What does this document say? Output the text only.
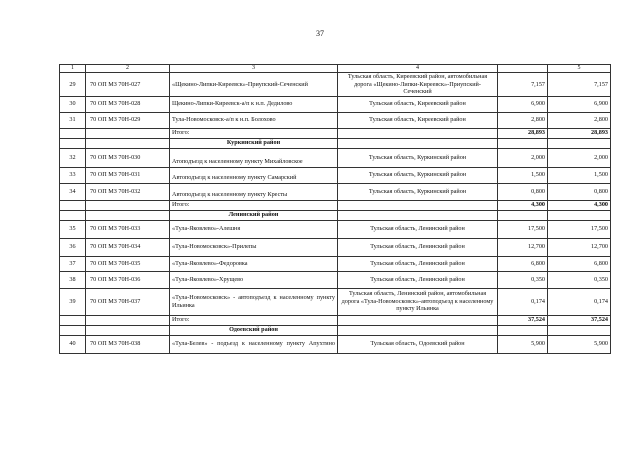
37
1	2	3	4		5
29	70 ОП МЗ 70Н-027	«Щекино-Липки-Киреевск»-Приупский-Сеченский	Тульская область, Киреевский район, автомобильная дорога «Щекино-Липки-Киреевск»-Приупский-Сеченский	7,157	7,157
30	70 ОП МЗ 70Н-028	Щекино-Липки-Киреевск-а/п к н.п. Дедилово	Тульская область, Киреевский район	6,900	6,900
31	70 ОП МЗ 70Н-029	Тула-Новомосковск-а/п к н.п. Болохово	Тульская область, Киреевский район	2,800	2,800
		Итого:		28,893	28,893
		Куркинский район			
32	70 ОП МЗ 70Н-030	Атоподъезд к населенному пункту Михайловское	Тульская область, Куркинский район	2,000	2,000
33	70 ОП МЗ 70Н-031	Автоподъезд к населенному пункту Самарский	Тульская область, Куркинский район	1,500	1,500
34	70 ОП МЗ 70Н-032	Автоподъезд к населенному пункту Кресты	Тульская область, Куркинский район	0,800	0,800
		Итого:		4,300	4,300
		Ленинский район			
35	70 ОП МЗ 70Н-033	«Тула-Яковлево»-Алешня	Тульская область, Ленинский район	17,500	17,500
36	70 ОП МЗ 70Н-034	«Тула-Новомосковск»-Прилепы	Тульская область, Ленинский район	12,700	12,700
37	70 ОП МЗ 70Н-035	«Тула-Яковлево»-Федоровка	Тульская область, Ленинский район	6,800	6,800
38	70 ОП МЗ 70Н-036	«Тула-Яковлево»-Хрущево	Тульская область, Ленинский район	0,350	0,350
39	70 ОП МЗ 70Н-037	«Тула-Новомосковск» - автоподъезд к населенному пункту Ильинка	Тульская область, Ленинский район, автомобильная дорога «Тула-Новомосковск»-автоподъезд к населенному пункту Ильинка	0,174	0,174
		Итого:		37,524	37,524
		Одоевский район			
40	70 ОП МЗ 70Н-038	«Тула-Белев» - подъезд к населенному пункту Апухтино	Тульская область, Одоевский район	5,900	5,900
